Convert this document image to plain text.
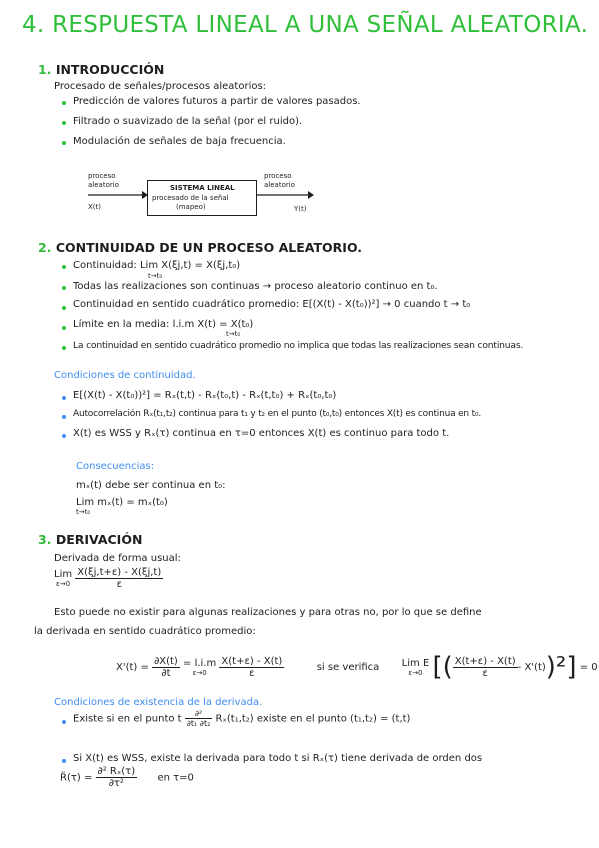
4. RESPUESTA LINEAL A UNA SEÑAL ALEATORIA.
1. INTRODUCCIÓN
Procesado de señales/procesos aleatorios:
Predicción de valores futuros a partir de valores pasados.
Filtrado o suavizado de la señal (por el ruido).
Modulación de señales de baja frecuencia.
proceso
aleatorio
X(t)
SISTEMA LINEAL
procesado de la señal
(mapeo)
proceso
aleatorio
Y(t)
2. CONTINUIDAD DE UN PROCESO ALEATORIO.
Continuidad: Lim X(ξj,t) = X(ξj,t₀)
t→t₀
Todas las realizaciones son continuas → proceso aleatorio continuo en t₀.
Continuidad en sentido cuadrático promedio: E[(X(t) - X(t₀))²] → 0 cuando t → t₀
Límite en la media: l.i.m X(t) = X(t₀)
t→t₀
La continuidad en sentido cuadrático promedio no implica que todas las realizaciones sean continuas.
Condiciones de continuidad.
E[(X(t) - X(t₀))²] = Rₓ(t,t) - Rₓ(t₀,t) - Rₓ(t,t₀) + Rₓ(t₀,t₀)
Autocorrelación Rₓ(t₁,t₂) continua para t₁ y t₂ en el punto (t₀,t₀) entonces X(t) es continua en t₀.
X(t) es WSS y Rₓ(τ) continua en τ=0 entonces X(t) es continuo para todo t.
Consecuencias:
mₓ(t) debe ser continua en t₀:
Lim mₓ(t) = mₓ(t₀)
t→t₀
3. DERIVACIÓN
Derivada de forma usual:
Lim
ε→0
$\frac{X(\xi j,t+\varepsilon) - X(\xi j,t)}{\varepsilon}$
Esto puede no existir para algunas realizaciones y para otras no, por lo que se define
la derivada en sentido cuadrático promedio:
$X'(t) = \frac{\partial X(t)}{\partial t}$
= l.i.m
ε→0
	$\frac{X(t+\varepsilon) - X(t)}{\varepsilon}$	si se verifica Lim E
ε→0 [( $\frac{X(t+\varepsilon) - X(t)}{\varepsilon} - X'(t))^2] = 0$
Condiciones de existencia de la derivada.
Existe si en el punto t $\frac{\text{∂²}}{\text{∂t₁ ∂t₂}} R_x(t_1,t_2)$ existe en el punto (t₁,t₂) = (t,t)
Si X(t) es WSS, existe la derivada para todo t si Rₓ(τ) tiene derivada de orden dos
R̈(τ) = $\frac{\text{∂² Rₓ(τ)}}{\text{∂τ²}}$ en τ=0
